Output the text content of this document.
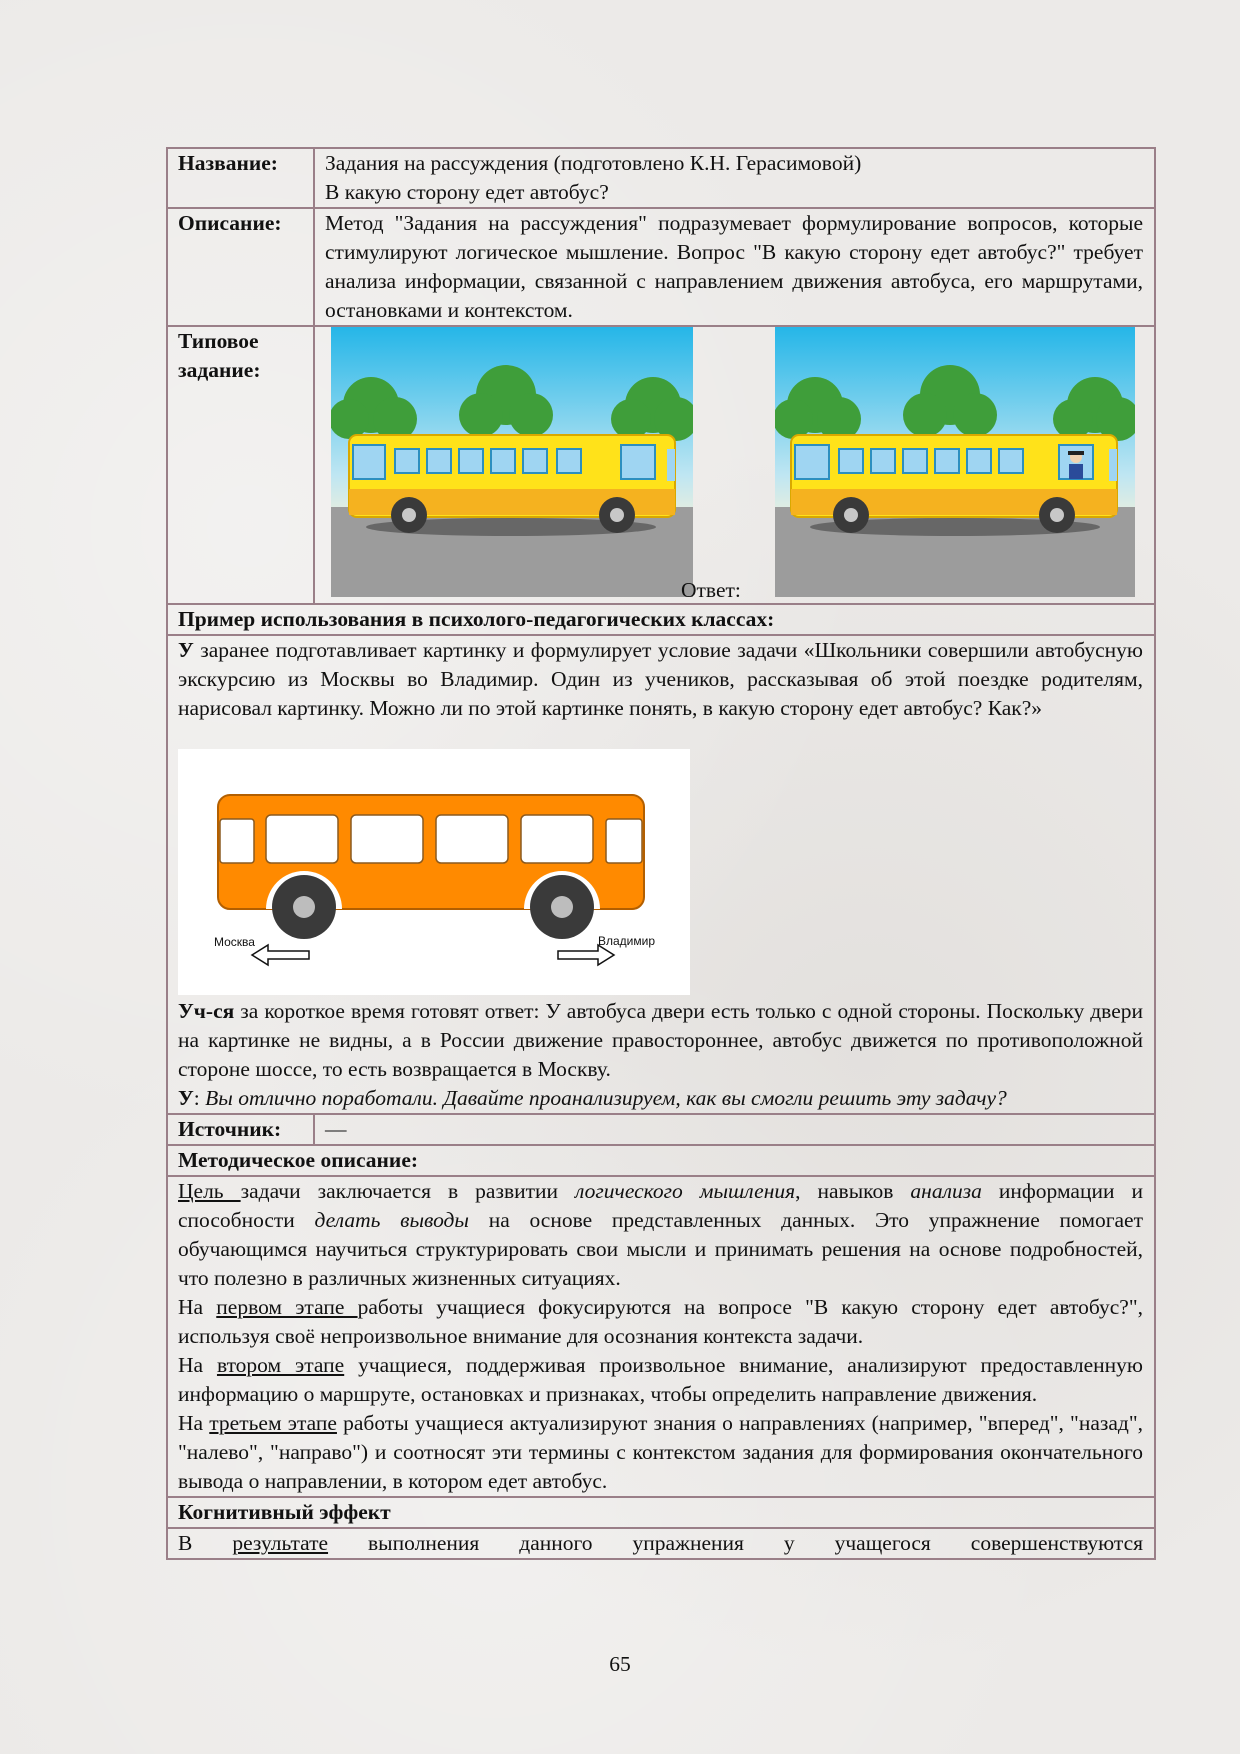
Название:	Задания на рассуждения (подготовлено К.Н. Герасимовой)
В какую сторону едет автобус?

Описание:	Метод "Задания на рассуждения" подразумевает формулирование вопросов, которые стимулируют логическое мышление. Вопрос "В какую сторону едет автобус?" требует анализа информации, связанной с направлением движения автобуса, его маршрутами, остановками и контекстом.

Типовое
задание:	Ответ:

Пример использования в психолого-педагогических классах:	

У заранее подготавливает картинку и формулирует условие задачи «Школьники совершили автобусную экскурсию из Москвы во Владимир. Один из учеников, рассказывая об этой поездке родителям, нарисовал картинку. Можно ли по этой картинке понять, в какую сторону едет автобус? Как?»

Москва Владимир

Уч-ся за короткое время готовят ответ: У автобуса двери есть только с одной стороны. Поскольку двери на картинке не видны, а в России движение правостороннее, автобус движется по противоположной стороне шоссе, то есть возвращается в Москву.

У: Вы отлично поработали. Давайте проанализируем, как вы смогли решить эту задачу?	

Источник:	—
Методическое описание:	

Цель задачи заключается в развитии логического мышления, навыков анализа информации и способности делать выводы на основе представленных данных. Это упражнение помогает обучающимся научиться структурировать свои мысли и принимать решения на основе подробностей, что полезно в различных жизненных ситуациях.

На первом этапе работы учащиеся фокусируются на вопросе "В какую сторону едет автобус?", используя своё непроизвольное внимание для осознания контекста задачи.

На втором этапе учащиеся, поддерживая произвольное внимание, анализируют предоставленную информацию о маршруте, остановках и признаках, чтобы определить направление движения.

На третьем этапе работы учащиеся актуализируют знания о направлениях (например, "вперед", "назад", "налево", "направо") и соотносят эти термины с контекстом задания для формирования окончательного вывода о направлении, в котором едет автобус.	

Когнитивный эффект	
В результате выполнения данного упражнения у учащегося совершенствуются	
65
